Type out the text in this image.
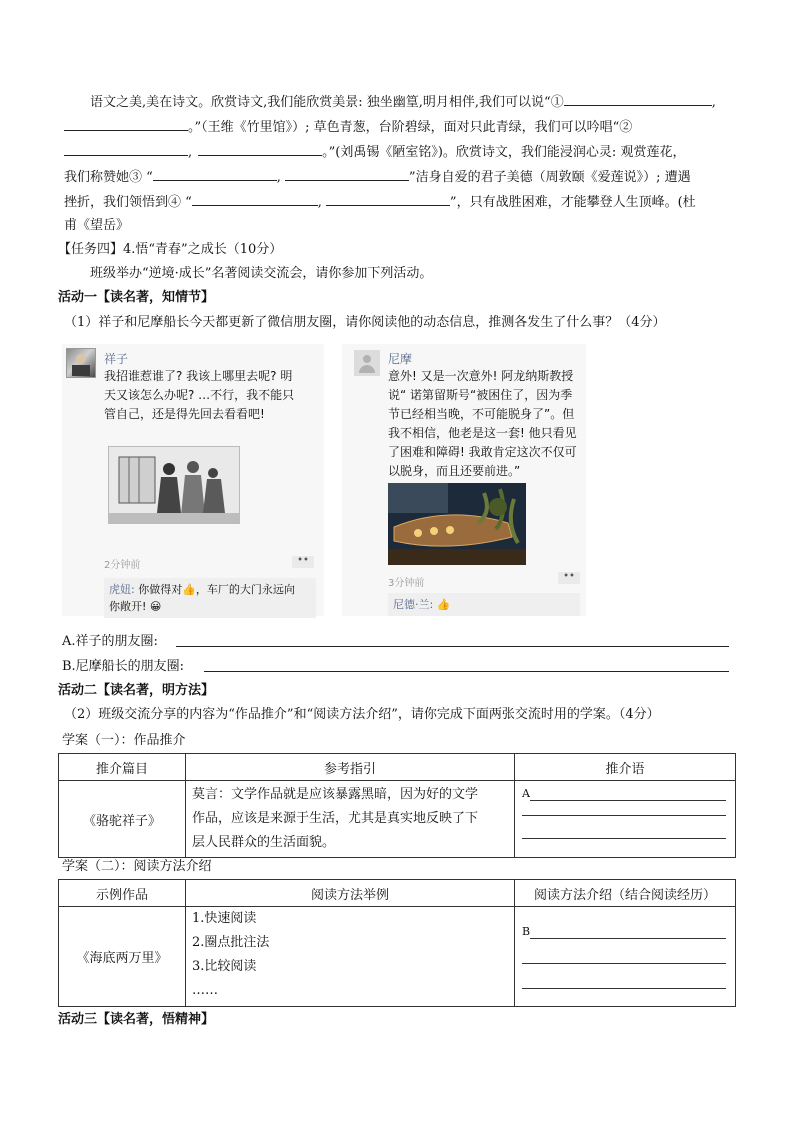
语文之美,美在诗文。欣赏诗文,我们能欣赏美景: 独坐幽篁,明月相伴,我们可以说“①	,
。”（王维《竹里馆》）; 草色青葱，台阶碧绿，面对只此青绿，我们可以吟唱“②
,	。”(刘禹锡《陋室铭》)。欣赏诗文，我们能浸润心灵: 观赏莲花，
我们称赞她③ “	,	”洁身自爱的君子美德（周敦颐《爱莲说》）; 遭遇
挫折，我们领悟到④ “	,	”，只有战胜困难，才能攀登人生顶峰。(杜
甫《望岳》
【任务四】4.悟“青春”之成长（10分）
班级举办“逆境·成长”名著阅读交流会，请你参加下列活动。
活动一【读名著，知情节】
（1）祥子和尼摩船长今天都更新了微信朋友圈，请你阅读他的动态信息，推测各发生了什么事？（4分）
祥子
我招谁惹谁了? 我该上哪里去呢? 明
天又该怎么办呢? …不行，我不能只
管自己，还是得先回去看看吧!
2分钟前	••
虎妞: 你做得对👍，车厂的大门永远向
你敞开! 😀
尼摩
意外! 又是一次意外! 阿龙纳斯教授
说“ 诺第留斯号“被困住了，因为季
节已经相当晚，不可能脱身了”。但
我不相信，他老是这一套! 他只看见
了困难和障碍! 我敢肯定这次不仅可
以脱身，而且还要前进。”
3分钟前
••
尼德·兰: 👍
A.祥子的朋友圈:
B.尼摩船长的朋友圈:
活动二【读名著，明方法】
（2）班级交流分享的内容为“作品推介”和“阅读方法介绍”，请你完成下面两张交流时用的学案。（4分）
学案（一）：作品推介
推介篇目	参考指引	推介语
《骆驼祥子》	莫言：文学作品就是应该暴露黑暗，因为好的文学
作品，应该是来源于生活，尤其是真实地反映了下
层人民群众的生活面貌。	A
学案（二）：阅读方法介绍
示例作品	阅读方法举例	阅读方法介绍（结合阅读经历）
《海底两万里》	1.快速阅读
2.圈点批注法
3.比较阅读
……	B
活动三【读名著，悟精神】
